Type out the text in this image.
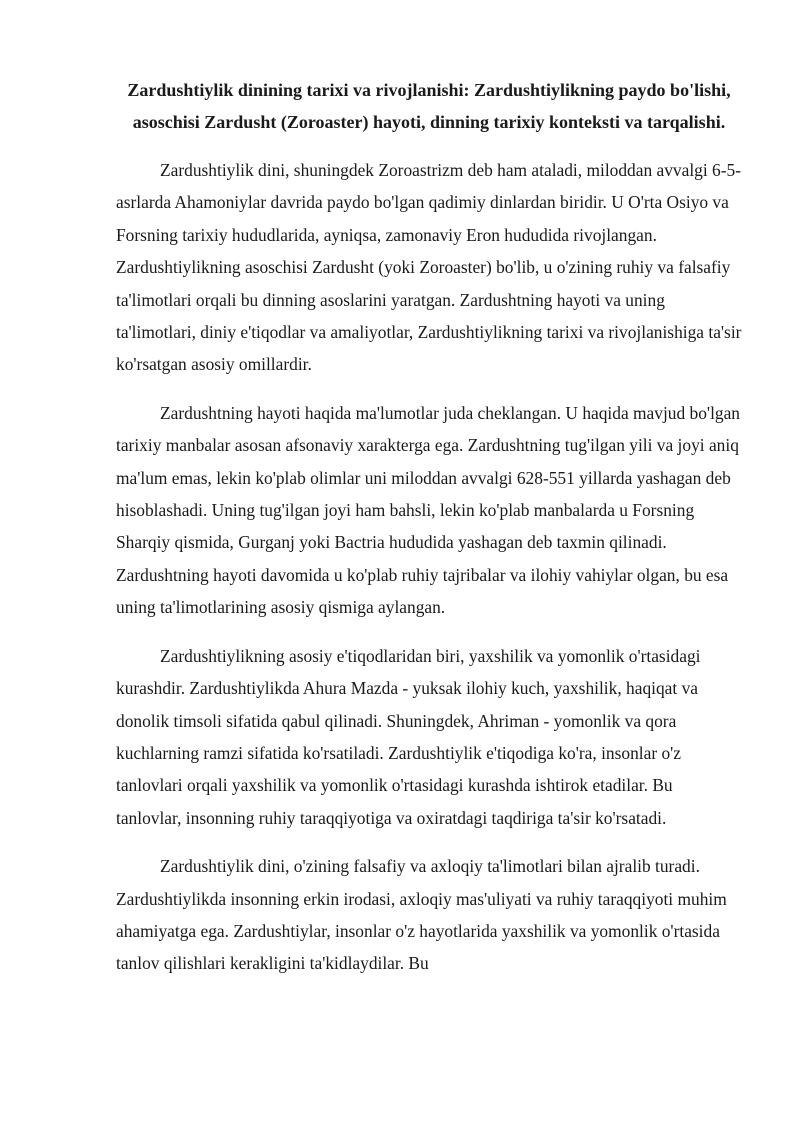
Zardushtiylik dinining tarixi va rivojlanishi: Zardushtiylikning paydo bo'lishi, asoschisi Zardusht (Zoroaster) hayoti, dinning tarixiy konteksti va tarqalishi.

Zardushtiylik dini, shuningdek Zoroastrizm deb ham ataladi, miloddan avvalgi 6-5-asrlarda Ahamoniylar davrida paydo bo'lgan qadimiy dinlardan biridir. U O'rta Osiyo va Forsning tarixiy hududlarida, ayniqsa, zamonaviy Eron hududida rivojlangan. Zardushtiylikning asoschisi Zardusht (yoki Zoroaster) bo'lib, u o'zining ruhiy va falsafiy ta'limotlari orqali bu dinning asoslarini yaratgan. Zardushtning hayoti va uning ta'limotlari, diniy e'tiqodlar va amaliyotlar, Zardushtiylikning tarixi va rivojlanishiga ta'sir ko'rsatgan asosiy omillardir.

Zardushtning hayoti haqida ma'lumotlar juda cheklangan. U haqida mavjud bo'lgan tarixiy manbalar asosan afsonaviy xarakterga ega. Zardushtning tug'ilgan yili va joyi aniq ma'lum emas, lekin ko'plab olimlar uni miloddan avvalgi 628-551 yillarda yashagan deb hisoblashadi. Uning tug'ilgan joyi ham bahsli, lekin ko'plab manbalarda u Forsning Sharqiy qismida, Gurganj yoki Bactria hududida yashagan deb taxmin qilinadi. Zardushtning hayoti davomida u ko'plab ruhiy tajribalar va ilohiy vahiylar olgan, bu esa uning ta'limotlarining asosiy qismiga aylangan.

Zardushtiylikning asosiy e'tiqodlaridan biri, yaxshilik va yomonlik o'rtasidagi kurashdir. Zardushtiylikda Ahura Mazda - yuksak ilohiy kuch, yaxshilik, haqiqat va donolik timsoli sifatida qabul qilinadi. Shuningdek, Ahriman - yomonlik va qora kuchlarning ramzi sifatida ko'rsatiladi. Zardushtiylik e'tiqodiga ko'ra, insonlar o'z tanlovlari orqali yaxshilik va yomonlik o'rtasidagi kurashda ishtirok etadilar. Bu tanlovlar, insonning ruhiy taraqqiyotiga va oxiratdagi taqdiriga ta'sir ko'rsatadi.

Zardushtiylik dini, o'zining falsafiy va axloqiy ta'limotlari bilan ajralib turadi. Zardushtiylikda insonning erkin irodasi, axloqiy mas'uliyati va ruhiy taraqqiyoti muhim ahamiyatga ega. Zardushtiylar, insonlar o'z hayotlarida yaxshilik va yomonlik o'rtasida tanlov qilishlari kerakligini ta'kidlaydilar. Bu
